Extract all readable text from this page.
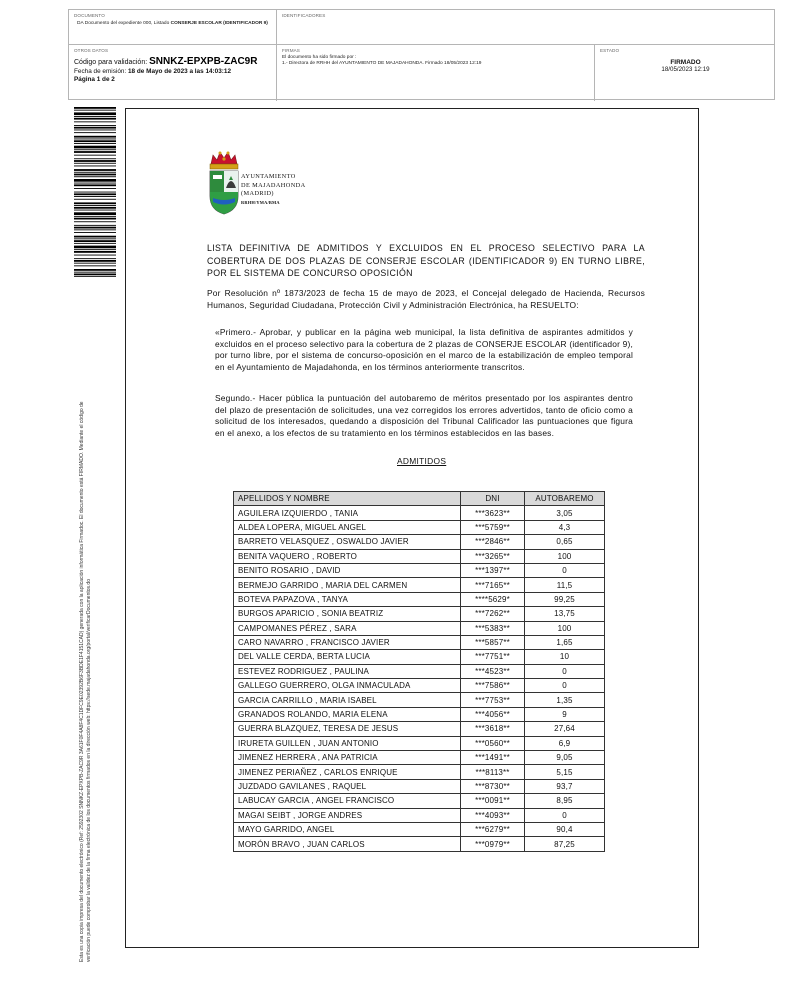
DOCUMENTO
DA Documento del expediente 000, Listado CONSERJE ESCOLAR (IDENTIFICADOR 9)
IDENTIFICADORES
OTROS DATOS
Código para validación: SNNKZ-EPXPB-ZAC9R
Fecha de emisión: 18 de Mayo de 2023 a las 14:03:12
Página 1 de 2
FIRMAS
El documento ha sido firmado por :
1.- Directora de RRHH del AYUNTAMIENTO DE MAJADAHONDA. Firmado 18/05/2023 12:19
ESTADO
FIRMADO
18/05/2023 12:19
Esta es una copia impresa del documento electrónico (Ref: 2592302 SNNKZ-EPXPB-ZAC9R 3A61F0F4A8F4C1DFC9E02392B6F3BDE1F4151CAD) generada con la aplicación informática Firmadoc. El documento está FIRMADO. Mediante el código de verificación puede comprobar la validez de la firma electrónica de los documentos firmados en la dirección web: https://sede.majadahonda.org/portal/verificarDocumentos.do
AYUNTAMIENTO
DE MAJADAHONDA
(MADRID)
RRHH/YMA/BMA
LISTA DEFINITIVA DE ADMITIDOS Y EXCLUIDOS EN EL PROCESO SELECTIVO PARA LA COBERTURA DE DOS PLAZAS DE CONSERJE ESCOLAR (IDENTIFICADOR 9) EN TURNO LIBRE, POR EL SISTEMA DE CONCURSO OPOSICIÓN
Por Resolución nº 1873/2023 de fecha 15 de mayo de 2023, el Concejal delegado de Hacienda, Recursos Humanos, Seguridad Ciudadana, Protección Civil y Administración Electrónica, ha RESUELTO:
«Primero.- Aprobar, y publicar en la página web municipal, la lista definitiva de aspirantes admitidos y excluidos en el proceso selectivo para la cobertura de 2 plazas de CONSERJE ESCOLAR (identificador 9), por turno libre, por el sistema de concurso-oposición en el marco de la estabilización de empleo temporal en el Ayuntamiento de Majadahonda, en los términos anteriormente transcritos.
Segundo.- Hacer pública la puntuación del autobaremo de méritos presentado por los aspirantes dentro del plazo de presentación de solicitudes, una vez corregidos los errores advertidos, tanto de oficio como a solicitud de los interesados, quedando a disposición del Tribunal Calificador las puntuaciones que figura en el anexo, a los efectos de su tratamiento en los términos establecidos en las bases.
ADMITIDOS
APELLIDOS Y NOMBRE	DNI	AUTOBAREMO
AGUILERA IZQUIERDO , TANIA	***3623**	3,05
ALDEA LOPERA, MIGUEL ANGEL	***5759**	4,3
BARRETO VELASQUEZ , OSWALDO JAVIER	***2846**	0,65
BENITA VAQUERO , ROBERTO	***3265**	100
BENITO ROSARIO , DAVID	***1397**	0
BERMEJO GARRIDO , MARIA DEL CARMEN	***7165**	11,5
BOTEVA PAPAZOVA , TANYA	****5629*	99,25
BURGOS APARICIO , SONIA BEATRIZ	***7262**	13,75
CAMPOMANES PÉREZ , SARA	***5383**	100
CARO NAVARRO , FRANCISCO JAVIER	***5857**	1,65
DEL VALLE CERDA, BERTA LUCIA	***7751**	10
ESTEVEZ RODRIGUEZ , PAULINA	***4523**	0
GALLEGO GUERRERO, OLGA INMACULADA	***7586**	0
GARCIA CARRILLO , MARIA ISABEL	***7753**	1,35
GRANADOS ROLANDO, MARIA ELENA	***4056**	9
GUERRA BLAZQUEZ, TERESA DE JESUS	***3618**	27,64
IRURETA GUILLEN , JUAN ANTONIO	***0560**	6,9
JIMENEZ HERRERA , ANA PATRICIA	***1491**	9,05
JIMENEZ PERIAÑEZ , CARLOS ENRIQUE	***8113**	5,15
JUZDADO GAVILANES , RAQUEL	***8730**	93,7
LABUCAY GARCIA , ANGEL FRANCISCO	***0091**	8,95
MAGAI SEIBT , JORGE ANDRES	***4093**	0
MAYO GARRIDO, ANGEL	***6279**	90,4
MORÓN BRAVO , JUAN CARLOS	***0979**	87,25
